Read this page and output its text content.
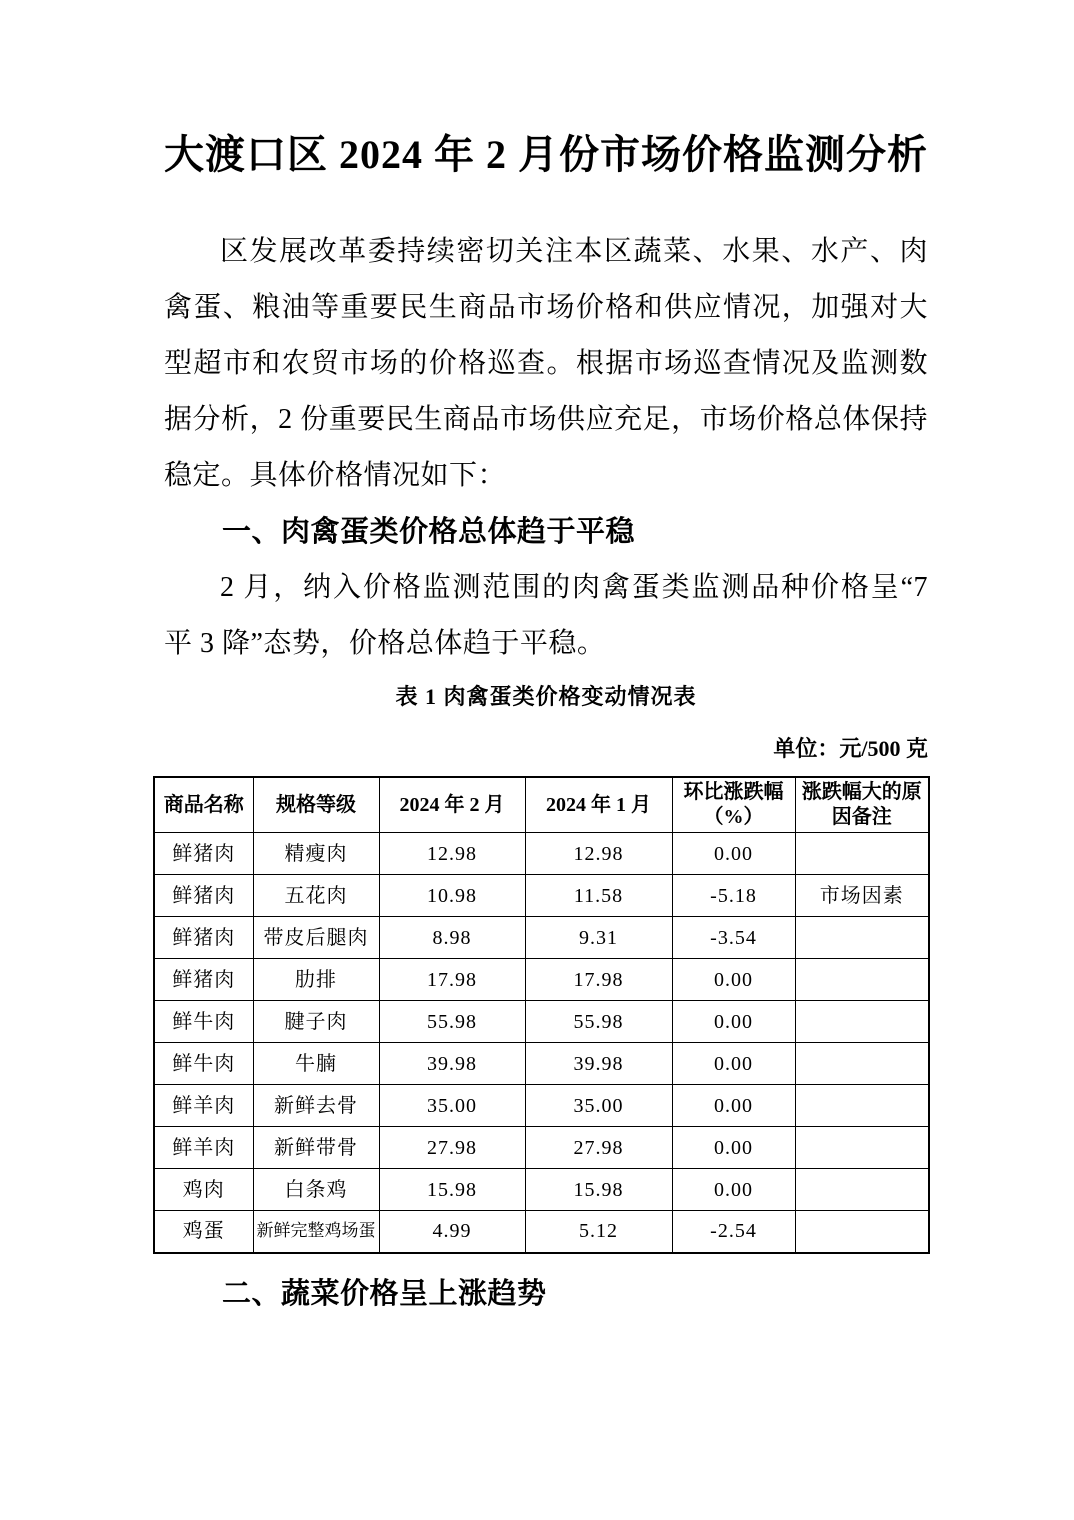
大渡口区 2024 年 2 月份市场价格监测分析

区发展改革委持续密切关注本区蔬菜、水果、水产、肉禽蛋、粮油等重要民生商品市场价格和供应情况，加强对大型超市和农贸市场的价格巡查。根据市场巡查情况及监测数据分析，2 份重要民生商品市场供应充足，市场价格总体保持稳定。具体价格情况如下：

一、肉禽蛋类价格总体趋于平稳

2 月，纳入价格监测范围的肉禽蛋类监测品种价格呈“7 平 3 降”态势，价格总体趋于平稳。

表 1 肉禽蛋类价格变动情况表

单位：元/500 克

商品名称	规格等级	2024 年 2 月	2024 年 1 月	环比涨跌幅（%）	涨跌幅大的原因备注
鲜猪肉	精瘦肉	12.98	12.98	0.00	
鲜猪肉	五花肉	10.98	11.58	-5.18	市场因素
鲜猪肉	带皮后腿肉	8.98	9.31	-3.54	
鲜猪肉	肋排	17.98	17.98	0.00	
鲜牛肉	腱子肉	55.98	55.98	0.00	
鲜牛肉	牛腩	39.98	39.98	0.00	
鲜羊肉	新鲜去骨	35.00	35.00	0.00	
鲜羊肉	新鲜带骨	27.98	27.98	0.00	
鸡肉	白条鸡	15.98	15.98	0.00	
鸡蛋	新鲜完整鸡场蛋	4.99	5.12	-2.54	
二、蔬菜价格呈上涨趋势
